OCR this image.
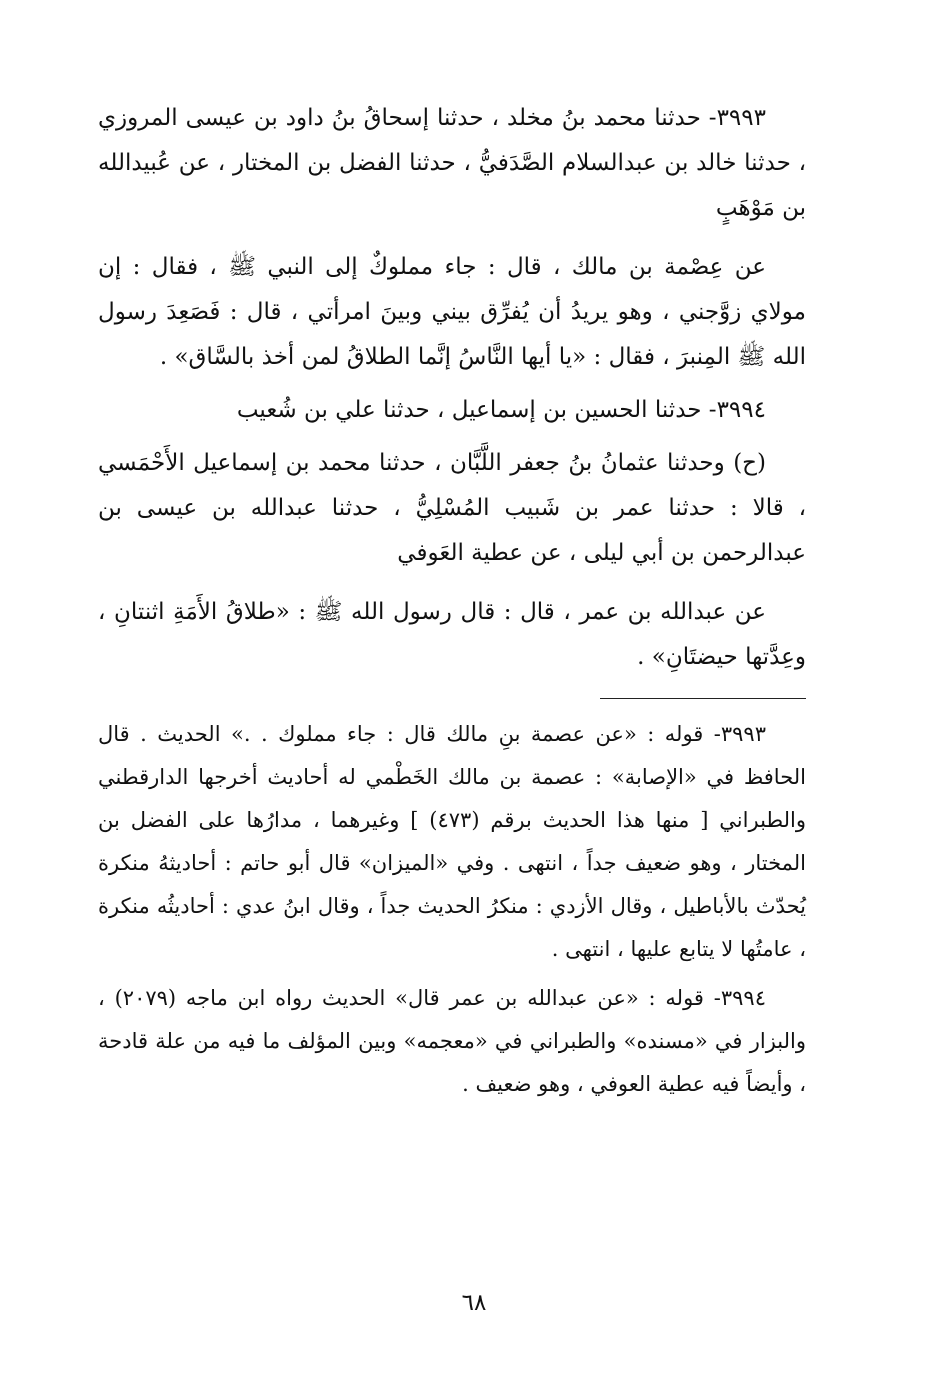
٣٩٩٣- حدثنا محمد بنُ مخلد ، حدثنا إسحاقُ بنُ داود بن عيسى المروزي ، حدثنا خالد بن عبدالسلام الصَّدَفيُّ ، حدثنا الفضل بن المختار ، عن عُبيدالله بن مَوْهَبٍ

عن عِصْمة بن مالك ، قال : جاء مملوكٌ إلى النبي ﷺ ، فقال : إن مولاي زوَّجني ، وهو يريدُ أن يُفرِّق بيني وبينَ امرأتي ، قال : فَصَعِدَ رسول الله ﷺ المِنبرَ ، فقال : «يا أيها النَّاسُ إنَّما الطلاقُ لمن أخذ بالسَّاق» .

٣٩٩٤- حدثنا الحسين بن إسماعيل ، حدثنا علي بن شُعيب

(ح) وحدثنا عثمانُ بنُ جعفر اللَّبَّان ، حدثنا محمد بن إسماعيل الأَحْمَسي ، قالا : حدثنا عمر بن شَبيب المُسْلِيُّ ، حدثنا عبدالله بن عيسى بن عبدالرحمن بن أبي ليلى ، عن عطية العَوفي

عن عبدالله بن عمر ، قال : قال رسول الله ﷺ : «طلاقُ الأَمَةِ اثنتانِ ، وعِدَّتها حيضتَانِ» .

٣٩٩٣- قوله : «عن عصمة بنِ مالك قال : جاء مملوك . .» الحديث . قال الحافظ في «الإصابة» : عصمة بن مالك الخَطْمي له أحاديث أخرجها الدارقطني والطبراني [ منها هذا الحديث برقم (٤٧٣) ] وغيرهما ، مدارُها على الفضل بن المختار ، وهو ضعيف جداً ، انتهى . وفي «الميزان» قال أبو حاتم : أحاديثهُ منكرة يُحدّث بالأباطيل ، وقال الأزدي : منكرُ الحديث جداً ، وقال ابنُ عدي : أحاديثُه منكرة ، عامتُها لا يتابع عليها ، انتهى .

٣٩٩٤- قوله : «عن عبدالله بن عمر قال» الحديث رواه ابن ماجه (٢٠٧٩) ، والبزار في «مسنده» والطبراني في «معجمه» وبين المؤلف ما فيه من علة قادحة ، وأيضاً فيه عطية العوفي ، وهو ضعيف .

٦٨
